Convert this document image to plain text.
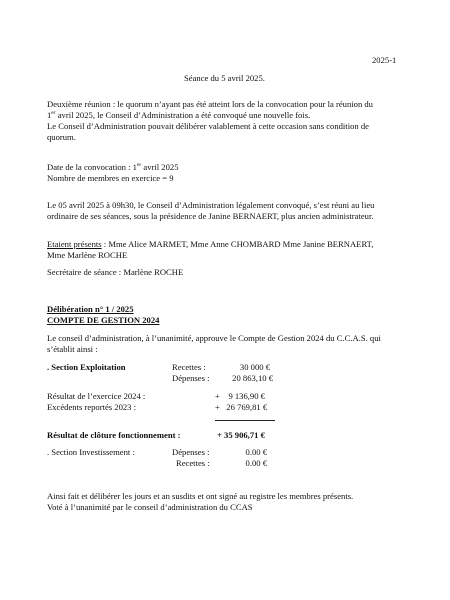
2025-1
Séance du 5 avril 2025.
Deuxième réunion : le quorum n’ayant pas été atteint lors de la convocation pour la réunion du
1er avril 2025, le Conseil d’Administration a été convoqué une nouvelle fois.
Le Conseil d’Administration pouvait délibérer valablement à cette occasion sans condition de
quorum.
Date de la convocation : 1er avril 2025
Nombre de membres en exercice = 9
Le 05 avril 2025 à 09h30, le Conseil d’Administration légalement convoqué, s’est réuni au lieu
ordinaire de ses séances, sous la présidence de Janine BERNAERT, plus ancien administrateur.
Etaient présents : Mme Alice MARMET, Mme Anne CHOMBARD Mme Janine BERNAERT,
Mme Marlène ROCHE
Secrétaire de séance : Marlène ROCHE
Délibération n° 1 / 2025
COMPTE DE GESTION 2024
Le conseil d’administration, à l’unanimité, approuve le Compte de Gestion 2024 du C.C.A.S. qui
s’établit ainsi :
. Section Exploitation	Recettes :	30 000 €
Dépenses :	20 863,10 €
Résultat de l’exercice 2024 :	+    9 136,90 €
Excédents reportés 2023 :	+   26 769,81 €
Résultat de clôture fonctionnement :	+ 35 906,71 €
. Section Investissement :	Dépenses :	0.00 €
Recettes :	0.00 €
Ainsi fait et délibérer les jours et an susdits et ont signé au registre les membres présents.
Voté à l’unanimité par le conseil d’administration du CCAS
